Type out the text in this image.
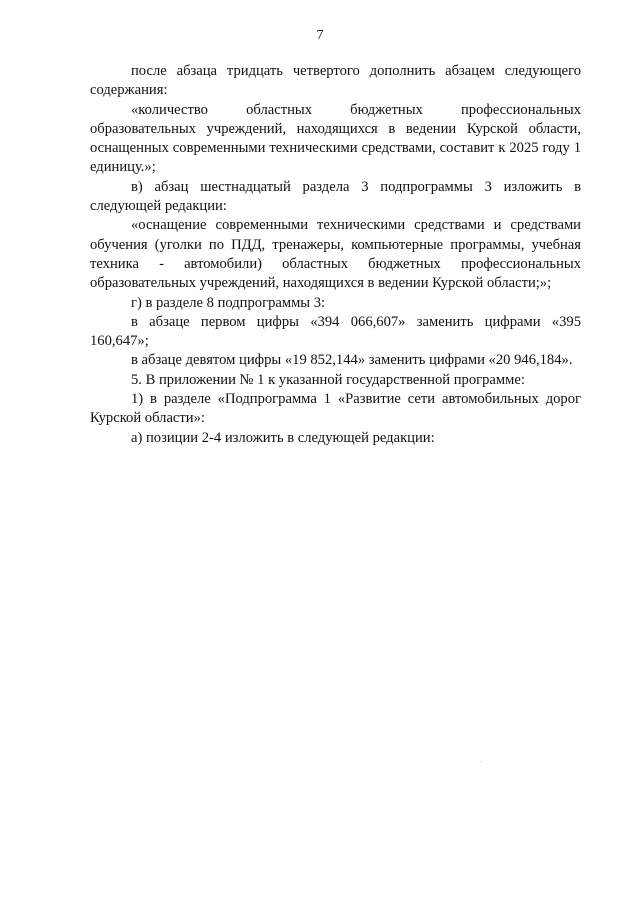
7

после абзаца тридцать четвертого дополнить абзацем следующего содержания:

«количество областных бюджетных профессиональных образовательных учреждений, находящихся в ведении Курской области, оснащенных современными техническими средствами, составит к 2025 году 1 единицу.»;

в) абзац шестнадцатый раздела 3 подпрограммы 3 изложить в следующей редакции:

«оснащение современными техническими средствами и средствами обучения (уголки по ПДД, тренажеры, компьютерные программы, учебная техника - автомобили) областных бюджетных профессиональных образовательных учреждений, находящихся в ведении Курской области;»;

г) в разделе 8 подпрограммы 3:

в абзаце первом цифры «394 066,607» заменить цифрами «395 160,647»;

в абзаце девятом цифры «19 852,144» заменить цифрами «20 946,184».

5. В приложении № 1 к указанной государственной программе:

1) в разделе «Подпрограмма 1 «Развитие сети автомобильных дорог Курской области»:

а) позиции 2-4 изложить в следующей редакции:
